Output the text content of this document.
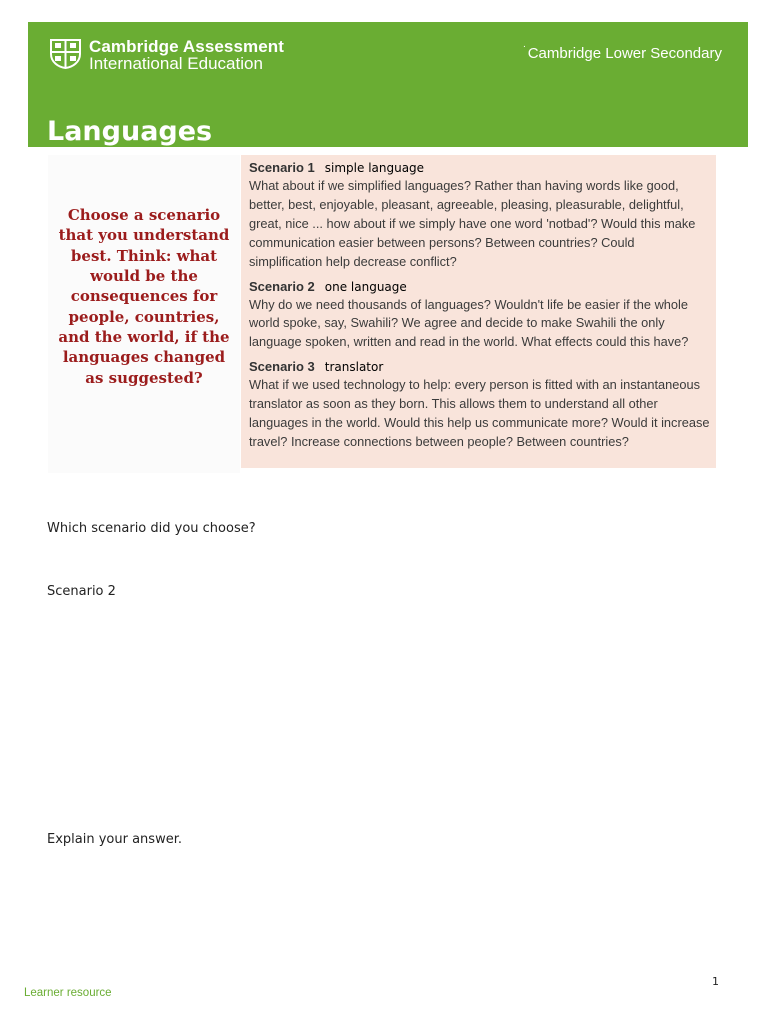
Cambridge Assessment
International Education
· Cambridge Lower Secondary
Languages
Choose a scenario that you understand best. Think: what would be the consequences for people, countries, and the world, if the languages changed as suggested?
Scenario 1 simple language
What about if we simplified languages? Rather than having words like good, better, best, enjoyable, pleasant, agreeable, pleasing, pleasurable, delightful, great, nice ... how about if we simply have one word 'notbad'? Would this make communication easier between persons? Between countries? Could simplification help decrease conflict?
Scenario 2 one language
Why do we need thousands of languages? Wouldn't life be easier if the whole world spoke, say, Swahili? We agree and decide to make Swahili the only language spoken, written and read in the world. What effects could this have?
Scenario 3 translator
What if we used technology to help: every person is fitted with an instantaneous translator as soon as they born. This allows them to understand all other languages in the world. Would this help us communicate more? Would it increase travel? Increase connections between people? Between countries?
Which scenario did you choose?
Scenario 2
Explain your answer.
1
Learner resource
